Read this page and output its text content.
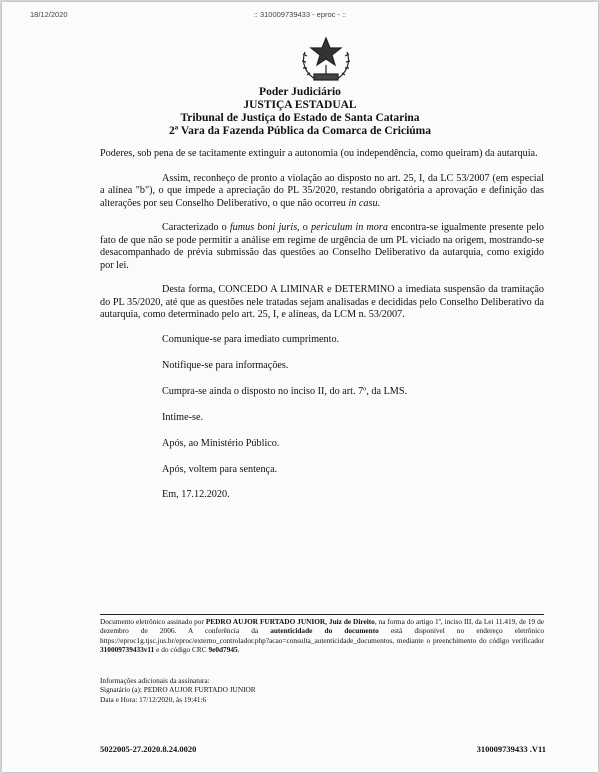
18/12/2020	:: 310009739433 - eproc - ::
Poder Judiciário
JUSTIÇA ESTADUAL
Tribunal de Justiça do Estado de Santa Catarina
2ª Vara da Fazenda Pública da Comarca de Criciúma

Poderes, sob pena de se tacitamente extinguir a autonomia (ou independência, como queiram) da autarquia.

Assim, reconheço de pronto a violação ao disposto no art. 25, I, da LC 53/2007 (em especial a alínea "b"), o que impede a apreciação do PL 35/2020, restando obrigatória a aprovação e definição das alterações por seu Conselho Deliberativo, o que não ocorreu in casu.

Caracterizado o fumus boni juris, o periculum in mora encontra-se igualmente presente pelo fato de que não se pode permitir a análise em regime de urgência de um PL viciado na origem, mostrando-se desacompanhado de prévia submissão das questões ao Conselho Deliberativo da autarquia, como exigido por lei.

Desta forma, CONCEDO A LIMINAR e DETERMINO a imediata suspensão da tramitação do PL 35/2020, até que as questões nele tratadas sejam analisadas e decididas pelo Conselho Deliberativo da autarquia, como determinado pelo art. 25, I, e alíneas, da LCM n. 53/2007.

Comunique-se para imediato cumprimento.

Notifique-se para informações.

Cumpra-se ainda o disposto no inciso II, do art. 7º, da LMS.

Intime-se.

Após, ao Ministério Público.

Após, voltem para sentença.

Em, 17.12.2020.

Documento eletrônico assinado por PEDRO AUJOR FURTADO JUNIOR, Juiz de Direito, na forma do artigo 1º, inciso III, da Lei 11.419, de 19 de dezembro de 2006. A conferência da autenticidade do documento está disponível no endereço eletrônico https://eproc1g.tjsc.jus.br/eproc/externo_controlador.php?acao=consulta_autenticidade_documentos, mediante o preenchimento do código verificador 310009739433v11 e do código CRC 9e0d7945.

Informações adicionais da assinatura:
Signatário (a): PEDRO AUJOR FURTADO JUNIOR
Data e Hora: 17/12/2020, às 19:41:6
5022005-27.2020.8.24.0020	310009739433 .V11
